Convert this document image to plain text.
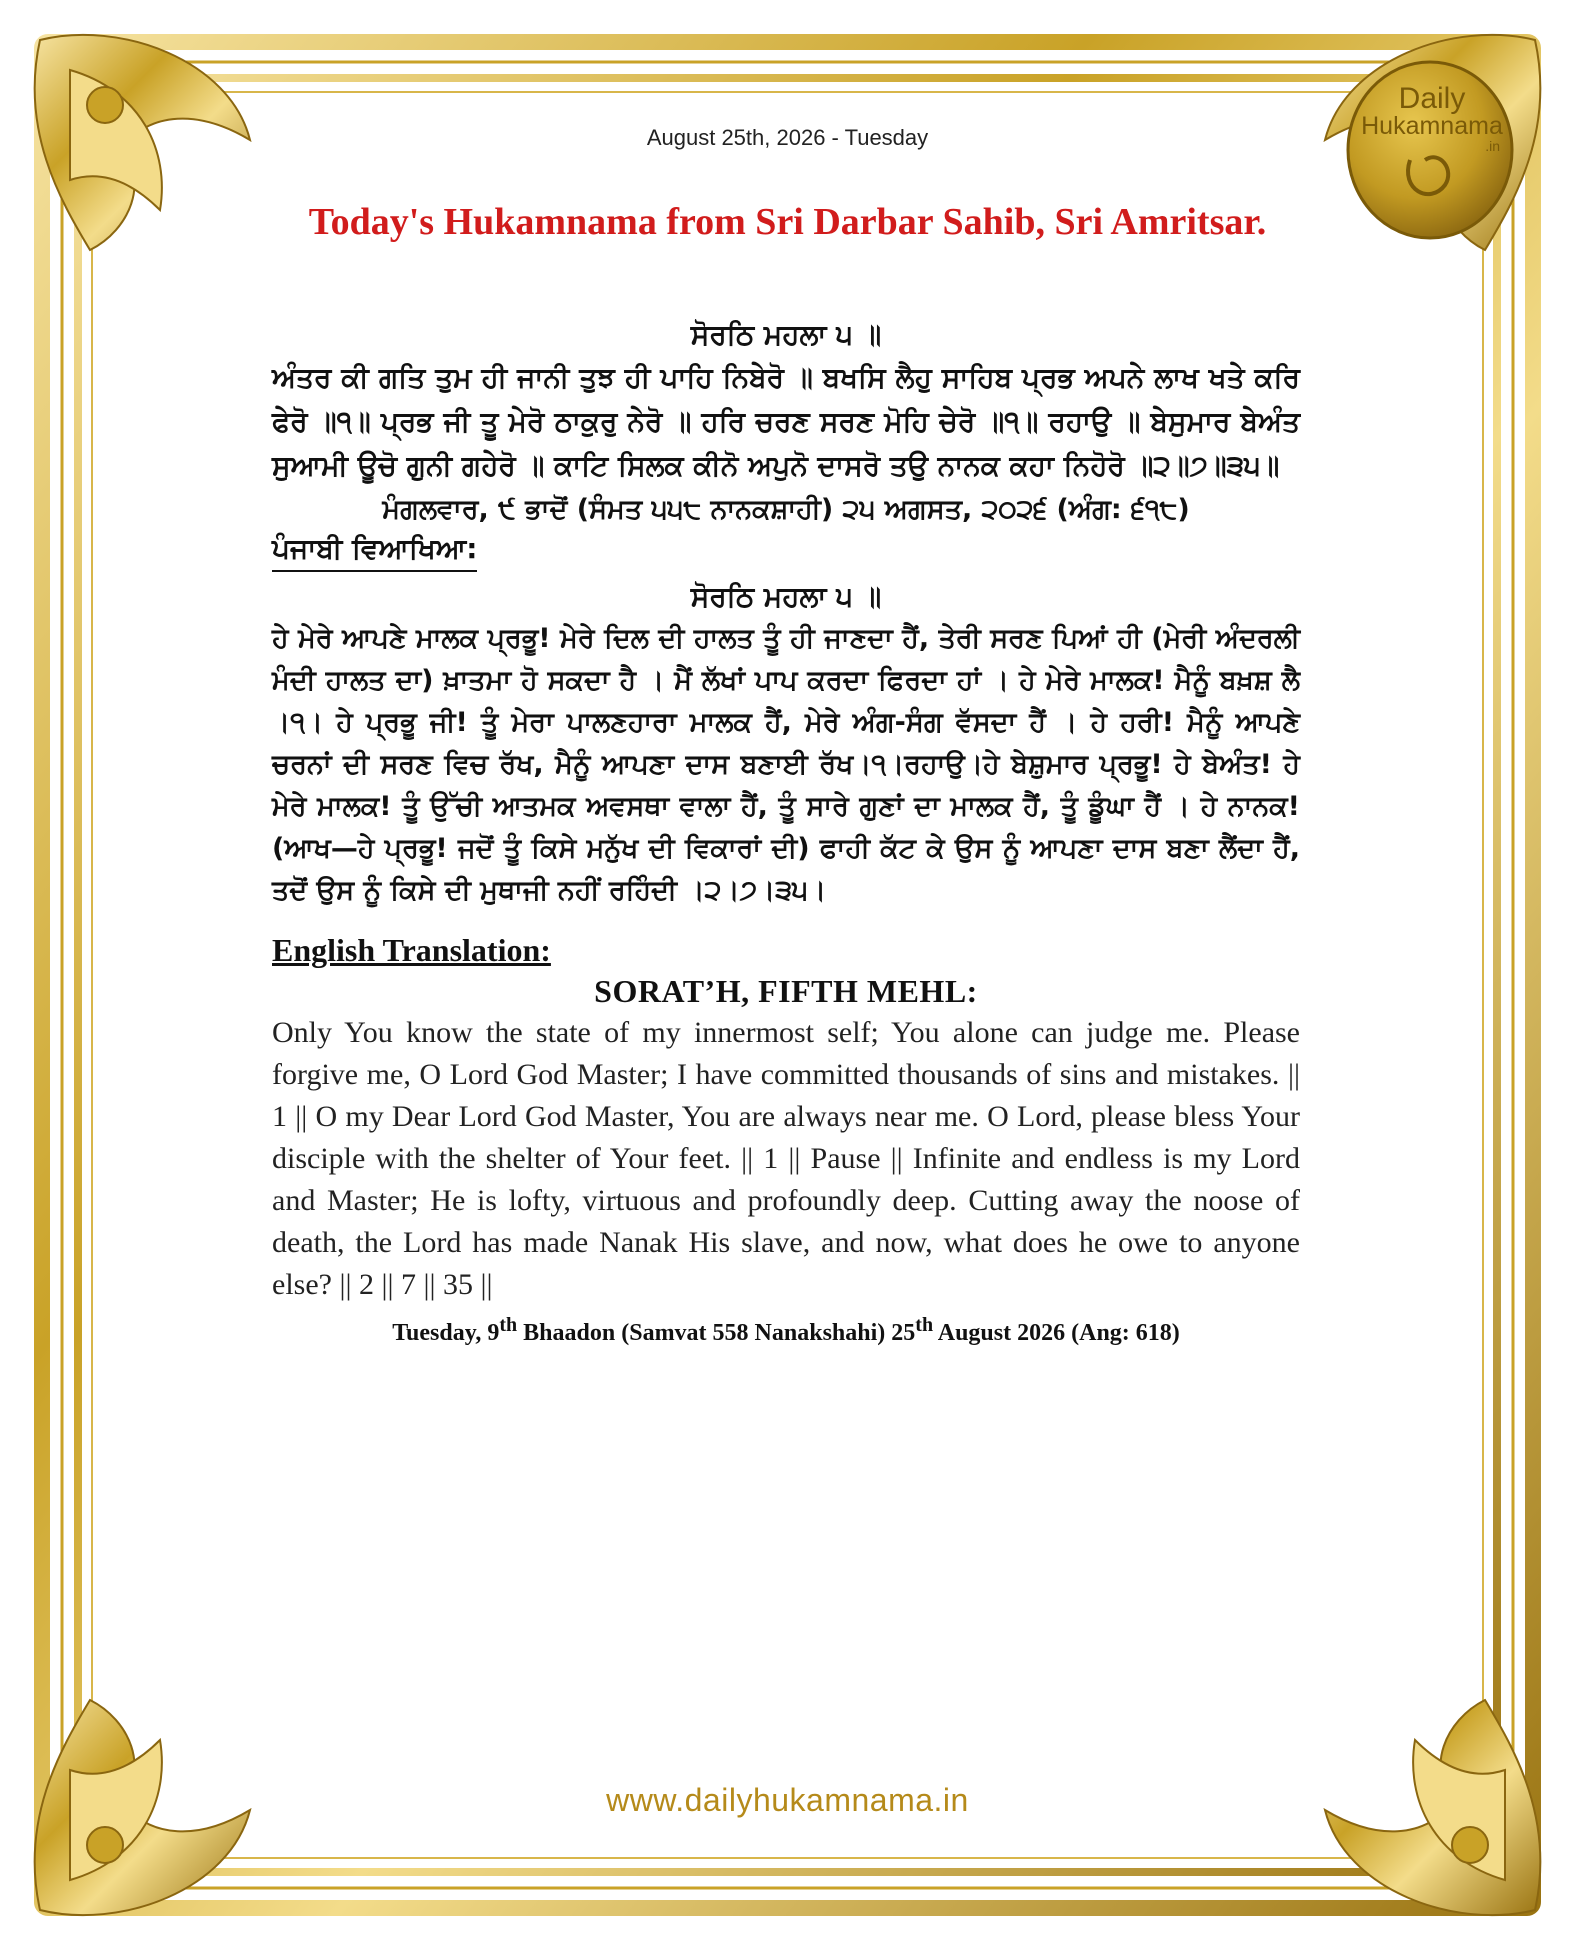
Daily
Hukamnama
.in
August 25th, 2026 - Tuesday
Today's Hukamnama from Sri Darbar Sahib, Sri Amritsar.
ਸੋਰਠਿ ਮਹਲਾ ੫ ॥

ਅੰਤਰ ਕੀ ਗਤਿ ਤੁਮ ਹੀ ਜਾਨੀ ਤੁਝ ਹੀ ਪਾਹਿ ਨਿਬੇਰੋ ॥ ਬਖਸਿ ਲੈਹੁ ਸਾਹਿਬ ਪ੍ਰਭ ਅਪਨੇ ਲਾਖ ਖਤੇ ਕਰਿ ਫੇਰੋ ॥੧॥ ਪ੍ਰਭ ਜੀ ਤੂ ਮੇਰੋ ਠਾਕੁਰੁ ਨੇਰੋ ॥ ਹਰਿ ਚਰਣ ਸਰਣ ਮੋਹਿ ਚੇਰੋ ॥੧॥ ਰਹਾਉ ॥ ਬੇਸੁਮਾਰ ਬੇਅੰਤ ਸੁਆਮੀ ਊਚੋ ਗੁਨੀ ਗਹੇਰੋ ॥ ਕਾਟਿ ਸਿਲਕ ਕੀਨੋ ਅਪੁਨੋ ਦਾਸਰੋ ਤਉ ਨਾਨਕ ਕਹਾ ਨਿਹੋਰੋ ॥੨॥੭॥੩੫॥

ਮੰਗਲਵਾਰ, ੯ ਭਾਦੋਂ (ਸੰਮਤ ੫੫੮ ਨਾਨਕਸ਼ਾਹੀ) ੨੫ ਅਗਸਤ, ੨੦੨੬ (ਅੰਗ: ੬੧੮)
ਪੰਜਾਬੀ ਵਿਆਖਿਆ:
ਸੋਰਠਿ ਮਹਲਾ ੫ ॥

ਹੇ ਮੇਰੇ ਆਪਣੇ ਮਾਲਕ ਪ੍ਰਭੂ! ਮੇਰੇ ਦਿਲ ਦੀ ਹਾਲਤ ਤੂੰ ਹੀ ਜਾਣਦਾ ਹੈਂ, ਤੇਰੀ ਸਰਣ ਪਿਆਂ ਹੀ (ਮੇਰੀ ਅੰਦਰਲੀ ਮੰਦੀ ਹਾਲਤ ਦਾ) ਖ਼ਾਤਮਾ ਹੋ ਸਕਦਾ ਹੈ । ਮੈਂ ਲੱਖਾਂ ਪਾਪ ਕਰਦਾ ਫਿਰਦਾ ਹਾਂ । ਹੇ ਮੇਰੇ ਮਾਲਕ! ਮੈਨੂੰ ਬਖ਼ਸ਼ ਲੈ ।੧। ਹੇ ਪ੍ਰਭੂ ਜੀ! ਤੂੰ ਮੇਰਾ ਪਾਲਣਹਾਰਾ ਮਾਲਕ ਹੈਂ, ਮੇਰੇ ਅੰਗ-ਸੰਗ ਵੱਸਦਾ ਹੈਂ । ਹੇ ਹਰੀ! ਮੈਨੂੰ ਆਪਣੇ ਚਰਨਾਂ ਦੀ ਸਰਣ ਵਿਚ ਰੱਖ, ਮੈਨੂੰ ਆਪਣਾ ਦਾਸ ਬਣਾਈ ਰੱਖ।੧।ਰਹਾਉ।ਹੇ ਬੇਸ਼ੁਮਾਰ ਪ੍ਰਭੂ! ਹੇ ਬੇਅੰਤ! ਹੇ ਮੇਰੇ ਮਾਲਕ! ਤੂੰ ਉੱਚੀ ਆਤਮਕ ਅਵਸਥਾ ਵਾਲਾ ਹੈਂ, ਤੂੰ ਸਾਰੇ ਗੁਣਾਂ ਦਾ ਮਾਲਕ ਹੈਂ, ਤੂੰ ਡੂੰਘਾ ਹੈਂ । ਹੇ ਨਾਨਕ! (ਆਖ—ਹੇ ਪ੍ਰਭੂ! ਜਦੋਂ ਤੂੰ ਕਿਸੇ ਮਨੁੱਖ ਦੀ ਵਿਕਾਰਾਂ ਦੀ) ਫਾਹੀ ਕੱਟ ਕੇ ਉਸ ਨੂੰ ਆਪਣਾ ਦਾਸ ਬਣਾ ਲੈਂਦਾ ਹੈਂ, ਤਦੋਂ ਉਸ ਨੂੰ ਕਿਸੇ ਦੀ ਮੁਥਾਜੀ ਨਹੀਂ ਰਹਿੰਦੀ ।੨।੭।੩੫।

English Translation:
SORAT’H, FIFTH MEHL:

Only You know the state of my innermost self; You alone can judge me. Please forgive me, O Lord God Master; I have committed thousands of sins and mistakes. || 1 || O my Dear Lord God Master, You are always near me. O Lord, please bless Your disciple with the shelter of Your feet. || 1 || Pause || Infinite and endless is my Lord and Master; He is lofty, virtuous and profoundly deep. Cutting away the noose of death, the Lord has made Nanak His slave, and now, what does he owe to anyone else? || 2 || 7 || 35 ||

Tuesday, 9th Bhaadon (Samvat 558 Nanakshahi) 25th August 2026 (Ang: 618)
www.dailyhukamnama.in
